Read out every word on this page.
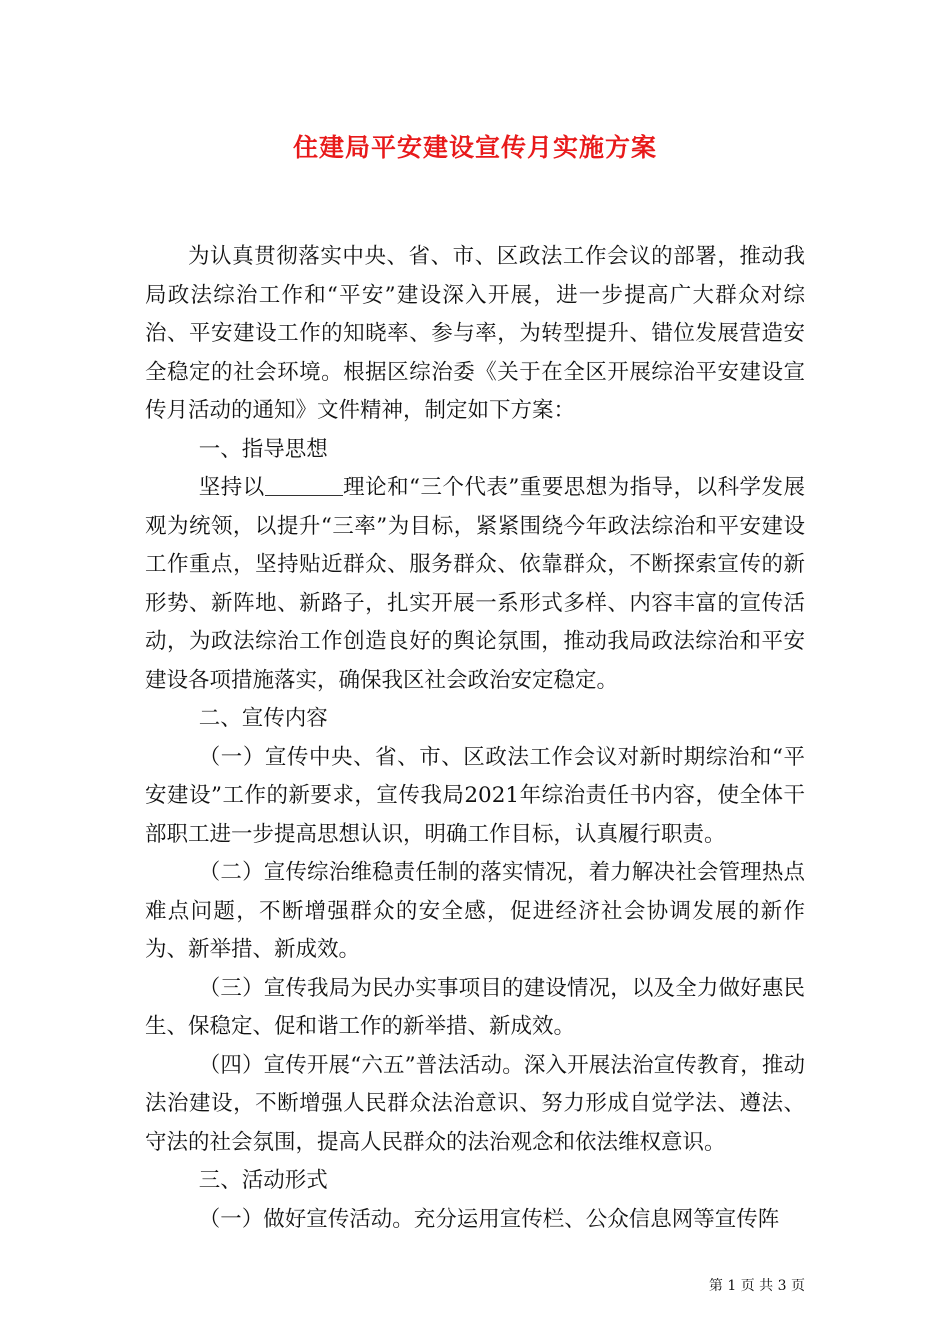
住建局平安建设宣传月实施方案

为认真贯彻落实中央、省、市、区政法工作会议的部署，推动我局政法综治工作和“平安”建设深入开展，进一步提高广大群众对综治、平安建设工作的知晓率、参与率，为转型提升、错位发展营造安全稳定的社会环境。根据区综治委《关于在全区开展综治平安建设宣传月活动的通知》文件精神，制定如下方案：

一、指导思想

坚持以	理论和“三个代表”重要思想为指导，以科学发展观为统领，以提升“三率”为目标，紧紧围绕今年政法综治和平安建设工作重点，坚持贴近群众、服务群众、依靠群众，不断探索宣传的新形势、新阵地、新路子，扎实开展一系形式多样、内容丰富的宣传活动，为政法综治工作创造良好的舆论氛围，推动我局政法综治和平安建设各项措施落实，确保我区社会政治安定稳定。

二、宣传内容

（一）宣传中央、省、市、区政法工作会议对新时期综治和“平安建设”工作的新要求，宣传我局2021年综治责任书内容，使全体干部职工进一步提高思想认识，明确工作目标，认真履行职责。

（二）宣传综治维稳责任制的落实情况，着力解决社会管理热点难点问题，不断增强群众的安全感，促进经济社会协调发展的新作为、新举措、新成效。

（三）宣传我局为民办实事项目的建设情况，以及全力做好惠民生、保稳定、促和谐工作的新举措、新成效。

（四）宣传开展“六五”普法活动。深入开展法治宣传教育，推动法治建设，不断增强人民群众法治意识、努力形成自觉学法、遵法、守法的社会氛围，提高人民群众的法治观念和依法维权意识。

三、活动形式

（一）做好宣传活动。充分运用宣传栏、公众信息网等宣传阵

第 1 页 共 3 页
